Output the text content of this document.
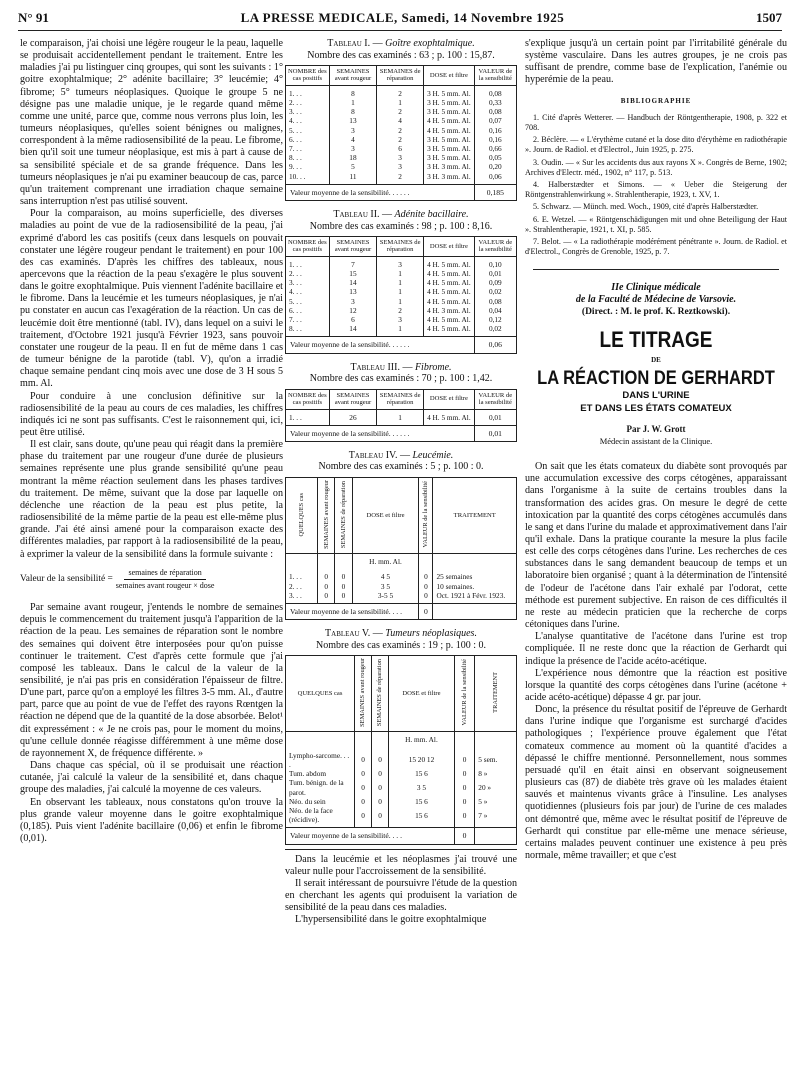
N° 91	LA PRESSE MEDICALE, Samedi, 14 Novembre 1925	1507

le comparaison, j'ai choisi une légère rougeur le la peau, laquelle se produisait accidentellement pendant le traitement. Entre les maladies j'ai pu listinguer cinq groupes, qui sont les suivants : 1° goitre exophtalmique; 2° adénite bacillaire; 3° leucémie; 4° fibrome; 5° tumeurs néoplasiques. Quoique le groupe 5 ne désigne pas une maladie unique, je le regarde quand même comme une unité, parce que, comme nous verrons plus loin, les tumeurs néoplasiques, qu'elles soient bénignes ou malignes, correspondent à la même radiosensibilité de la peau. Le fibrome, bien qu'il soit une tumeur néoplasique, est mis à part à cause de sa sensibilité spéciale et de sa grande fréquence. Dans les tumeurs néoplasiques je n'ai pu examiner beaucoup de cas, parce qu'un traitement comprenant une irradiation chaque semaine sans interruption n'est pas utilisé souvent.

Pour la comparaison, au moins superficielle, des diverses maladies au point de vue de la radiosensibilité de la peau, j'ai exprimé d'abord les cas positifs (ceux dans lesquels on pouvait constater une légère rougeur pendant le traitement) en pour 100 des cas examinés. D'après les chiffres des tableaux, nous apercevons que la réaction de la peau s'exagère le plus souvent dans le goitre exophtalmique. Puis viennent l'adénite bacillaire et le fibrome. Dans la leucémie et les tumeurs néoplasiques, je n'ai pu constater en aucun cas l'exagération de la réaction. Un cas de leucémie doit être mentionné (tabl. IV), dans lequel on a suivi le traitement, d'Octobre 1921 jusqu'à Février 1923, sans pouvoir constater une rougeur de la peau. Il en fut de même dans 1 cas de tumeur bénigne de la parotide (tabl. V), qu'on a irradié chaque semaine pendant cinq mois avec une dose de 3 H sous 5 mm. Al.

Pour conduire à une conclusion définitive sur la radiosensibilité de la peau au cours de ces maladies, les chiffres indiqués ici ne sont pas suffisants. C'est le raisonnement qui, ici, peut être utilisé.

Il est clair, sans doute, qu'une peau qui réagit dans la première phase du traitement par une rougeur d'une durée de plusieurs semaines représente une plus grande sensibilité qu'une peau montrant la même réaction seulement dans les phases tardives du traitement. De même, suivant que la dose par laquelle on déclenche une réaction de la peau est plus petite, la radiosensibilité de la même partie de la peau est elle-même plus grande. J'ai été ainsi amené pour la comparaison exacte des différentes maladies, par rapport à la radiosensibilité de la peau, à exprimer la valeur de la sensibilité dans la formule suivante :

Valeur de la sensibilité = $\frac{\text{semaines de réparation}}{\text{semaines avant rougeur × dose}}$

Par semaine avant rougeur, j'entends le nombre de semaines depuis le commencement du traitement jusqu'à l'apparition de la réaction de la peau. Les semaines de réparation sont le nombre des semaines qui doivent être interposées pour qu'on puisse continuer le traitement. C'est d'après cette formule que j'ai composé les tableaux. Dans le calcul de la valeur de la sensibilité, je n'ai pas pris en considération l'épaisseur de filtre. D'une part, parce qu'on a employé les filtres 3-5 mm. Al., d'autre part, parce que au point de vue de l'effet des rayons Rœntgen la réaction ne dépend que de la quantité de la dose absorbée. Belot¹ dit expressément : « Je ne crois pas, pour le moment du moins, qu'une cellule donnée réagisse différemment à une même dose de rayonnement X, de fréquence différente. »

Dans chaque cas spécial, où il se produisait une réaction cutanée, j'ai calculé la valeur de la sensibilité et, dans chaque groupe des maladies, j'ai calculé la moyenne de ces valeurs.

En observant les tableaux, nous constatons qu'on trouve la plus grande valeur moyenne dans le goitre exophtalmique (0,185). Puis vient l'adénite bacillaire (0,06) et enfin le fibrome (0,01).

Tableau I. — Goître exophtalmique.

Nombre des cas examinés : 63 ; p. 100 : 15,87.

NOMBRE des cas positifs	SEMAINES avant rougeur	SEMAINES de réparation	DOSE et filtre	VALEUR de la sensibilité
1. . .	8	2	3 H. 5 mm. Al.	0,08
2. . .	1	1	3 H. 5 mm. Al.	0,33
3. . .	8	2	3 H. 5 mm. Al.	0,08
4. . .	13	4	4 H. 5 mm. Al.	0,07
5. . .	3	2	4 H. 5 mm. Al.	0,16
6. . .	4	2	3 H. 5 mm. Al.	0,16
7. . .	3	6	3 H. 5 mm. Al.	0,66
8. . .	18	3	3 H. 5 mm. Al.	0,05
9. . .	5	3	3 H. 3 mm. Al.	0,20
10. . .	11	2	3 H. 3 mm. Al.	0,06
Valeur moyenne de la sensibilité. . . . . .				0,185

Tableau II. — Adénite bacillaire.

Nombre des cas examinés : 98 ; p. 100 : 8,16.

NOMBRE des cas positifs	SEMAINES avant rougeur	SEMAINES de réparation	DOSE et filtre	VALEUR de la sensibilité
1. . .	7	3	4 H. 5 mm. Al.	0,10
2. . .	15	1	4 H. 5 mm. Al.	0,01
3. . .	14	1	4 H. 5 mm. Al.	0,09
4. . .	13	1	4 H. 5 mm. Al.	0,02
5. . .	3	1	4 H. 5 mm. Al.	0,08
6. . .	12	2	4 H. 3 mm. Al.	0,04
7. . .	6	3	4 H. 5 mm. Al.	0,12
8. . .	14	1	4 H. 5 mm. Al.	0,02
Valeur moyenne de la sensibilité. . . . . .				0,06

Tableau III. — Fibrome.

Nombre des cas examinés : 70 ; p. 100 : 1,42.

NOMBRE des cas positifs	SEMAINES avant rougeur	SEMAINES de réparation	DOSE et filtre	VALEUR de la sensibilité
1. . .	26	1	4 H. 5 mm. Al.	0,01
Valeur moyenne de la sensibilité. . . . . .				0,01

Tableau IV. — Leucémie.

Nombre des cas examinés : 5 ; p. 100 : 0.

QUELQUES cas	SEMAINES avant rougeur	SEMAINES de réparation	DOSE et filtre	VALEUR de la sensibilité	TRAITEMENT
			H. mm. Al.		
1. . .	0	0	4 5	0	25 semaines
2. . .	0	0	3 5	0	10 semaines.
3. . .	0	0	3-5 5	0	Oct. 1921 à Févr. 1923.
Valeur moyenne de la sensibilité. . . .				0	

Tableau V. — Tumeurs néoplasiques.

Nombre des cas examinés : 19 ; p. 100 : 0.

QUELQUES cas	SEMAINES avant rougeur	SEMAINES de réparation	DOSE et filtre	VALEUR de la sensibilité	TRAITEMENT
			H. mm. Al.		
Lympho-sarcome. . . .	0	0	15 20 12	0	5 sem.
Tum. abdom	0	0	15 6	0	8 »
Tum. bénign. de la parot.	0	0	3 5	0	20 »
Néo. du sein	0	0	15 6	0	5 »
Néo. de la face (récidive).	0	0	15 6	0	7 »
Valeur moyenne de la sensibilité. . . .				0	

Dans la leucémie et les néoplasmes j'ai trouvé une valeur nulle pour l'accroissement de la sensibilité.

Il serait intéressant de poursuivre l'étude de la question en cherchant les agents qui produisent la variation de sensibilité de la peau dans ces maladies.

L'hypersensibilité dans le goitre exophtalmique

s'explique jusqu'à un certain point par l'irritabilité générale du système vasculaire. Dans les autres groupes, je ne crois pas suffisant de prendre, comme base de l'explication, l'anémie ou hyperémie de la peau.

BIBLIOGRAPHIE

1. Cité d'après Wetterer. — Handbuch der Röntgentherapie, 1908, p. 322 et 708.

2. Béclère. — « L'érythème cutané et la dose dito d'érythème en radiothérapie ». Journ. de Radiol. et d'Electrol., Juin 1925, p. 275.

3. Oudin. — « Sur les accidents dus aux rayons X ». Congrès de Berne, 1902; Archives d'Electr. méd., 1902, n° 117, p. 513.

4. Halberstædter et Simons. — « Ueber die Steigerung der Röntgenstrahlenwirkung ». Strahlentherapie, 1923, t. XV, 1.

5. Schwarz. — Münch. med. Woch., 1909, cité d'après Halberstædter.

6. E. Wetzel. — « Röntgenschädigungen mit und ohne Beteiligung der Haut ». Strahlentherapie, 1921, t. XI, p. 585.

7. Belot. — « La radiothérapie modérément pénétrante ». Journ. de Radiol. et d'Electrol., Congrès de Grenoble, 1925, p. 7.

IIe Clinique médicale

de la Faculté de Médecine de Varsovie.

(Direct. : M. le prof. K. Reztkowski).

LE TITRAGE

DE

LA RÉACTION DE GERHARDT

DANS L'URINE

ET DANS LES ÉTATS COMATEUX

Par J. W. Grott

Médecin assistant de la Clinique.

On sait que les états comateux du diabète sont provoqués par une accumulation excessive des corps cétogènes, apparaissant dans l'organisme à la suite de certains troubles dans la transformation des acides gras. On mesure le degré de cette intoxication par la quantité des corps cétogènes accumulés dans le sang et dans l'urine du malade et approximativement dans l'air qu'il exhale. Dans la pratique courante la mesure la plus facile est celle des corps cétogènes dans l'urine. Les recherches de ces substances dans le sang demandent beaucoup de temps et un laboratoire bien organisé ; quant à la détermination de l'intensité de l'odeur de l'acétone dans l'air exhalé par l'odorat, cette méthode est purement subjective. En raison de ces difficultés il ne reste au médecin praticien que la recherche de corps cétoniques dans l'urine.

L'analyse quantitative de l'acétone dans l'urine est trop compliquée. Il ne reste donc que la réaction de Gerhardt qui indique la présence de l'acide acéto-acétique.

L'expérience nous démontre que la réaction est positive lorsque la quantité des corps cétogènes dans l'urine (acétone + acide acéto-acétique) dépasse 4 gr. par jour.

Donc, la présence du résultat positif de l'épreuve de Gerhardt dans l'urine indique que l'organisme est surchargé d'acides pathologiques ; l'expérience prouve également que l'état comateux commence au moment où la quantité d'acides a dépassé le chiffre mentionné. Personnellement, nous sommes persuadé qu'il en était ainsi en observant soigneusement plusieurs cas (87) de diabète très grave où les malades étaient sauvés et maintenus vivants grâce à l'insuline. Les analyses quotidiennes (plusieurs fois par jour) de l'urine de ces malades ont démontré que, même avec le résultat positif de l'épreuve de Gerhardt qui constitue par elle-même une menace sérieuse, certains malades peuvent continuer une existence à peu près normale, même travailler; et que c'est
